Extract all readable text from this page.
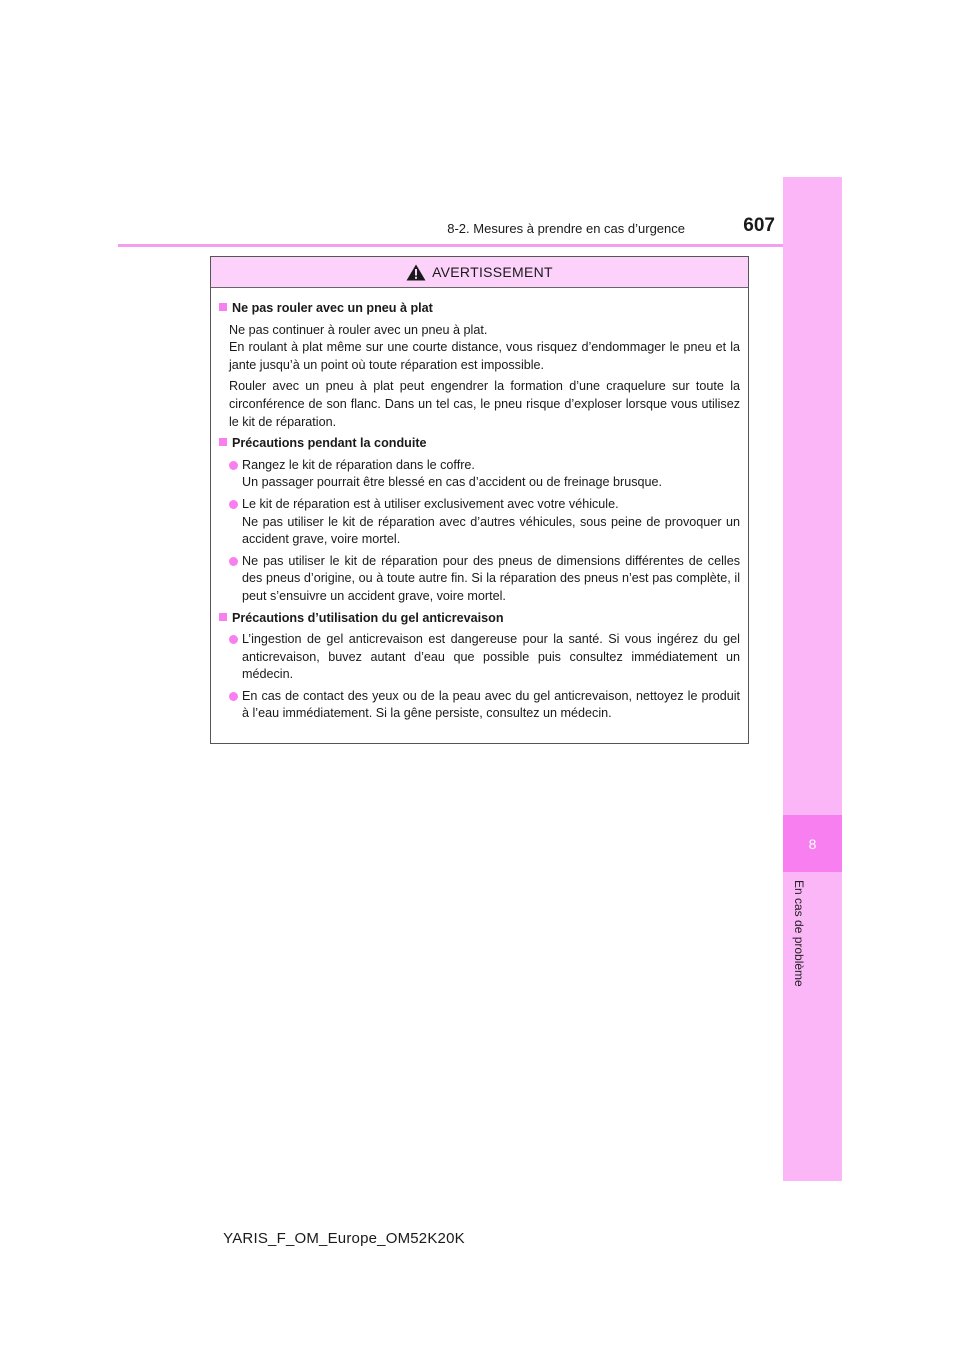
8-2. Mesures à prendre en cas d’urgence	607
8
En cas de problème
AVERTISSEMENT
Ne pas rouler avec un pneu à plat
Ne pas continuer à rouler avec un pneu à plat.
En roulant à plat même sur une courte distance, vous risquez d’endommager le pneu et la jante jusqu’à un point où toute réparation est impossible.
Rouler avec un pneu à plat peut engendrer la formation d’une craquelure sur toute la circonférence de son flanc. Dans un tel cas, le pneu risque d’exploser lorsque vous utilisez le kit de réparation.
Précautions pendant la conduite
Rangez le kit de réparation dans le coffre.
Un passager pourrait être blessé en cas d’accident ou de freinage brusque.
Le kit de réparation est à utiliser exclusivement avec votre véhicule.
Ne pas utiliser le kit de réparation avec d’autres véhicules, sous peine de provoquer un accident grave, voire mortel.
Ne pas utiliser le kit de réparation pour des pneus de dimensions différentes de celles des pneus d’origine, ou à toute autre fin. Si la réparation des pneus n’est pas complète, il peut s’ensuivre un accident grave, voire mortel.
Précautions d’utilisation du gel anticrevaison
L’ingestion de gel anticrevaison est dangereuse pour la santé. Si vous ingérez du gel anticrevaison, buvez autant d’eau que possible puis consultez immédiatement un médecin.
En cas de contact des yeux ou de la peau avec du gel anticrevaison, nettoyez le produit à l’eau immédiatement. Si la gêne persiste, consultez un médecin.
YARIS_F_OM_Europe_OM52K20K
